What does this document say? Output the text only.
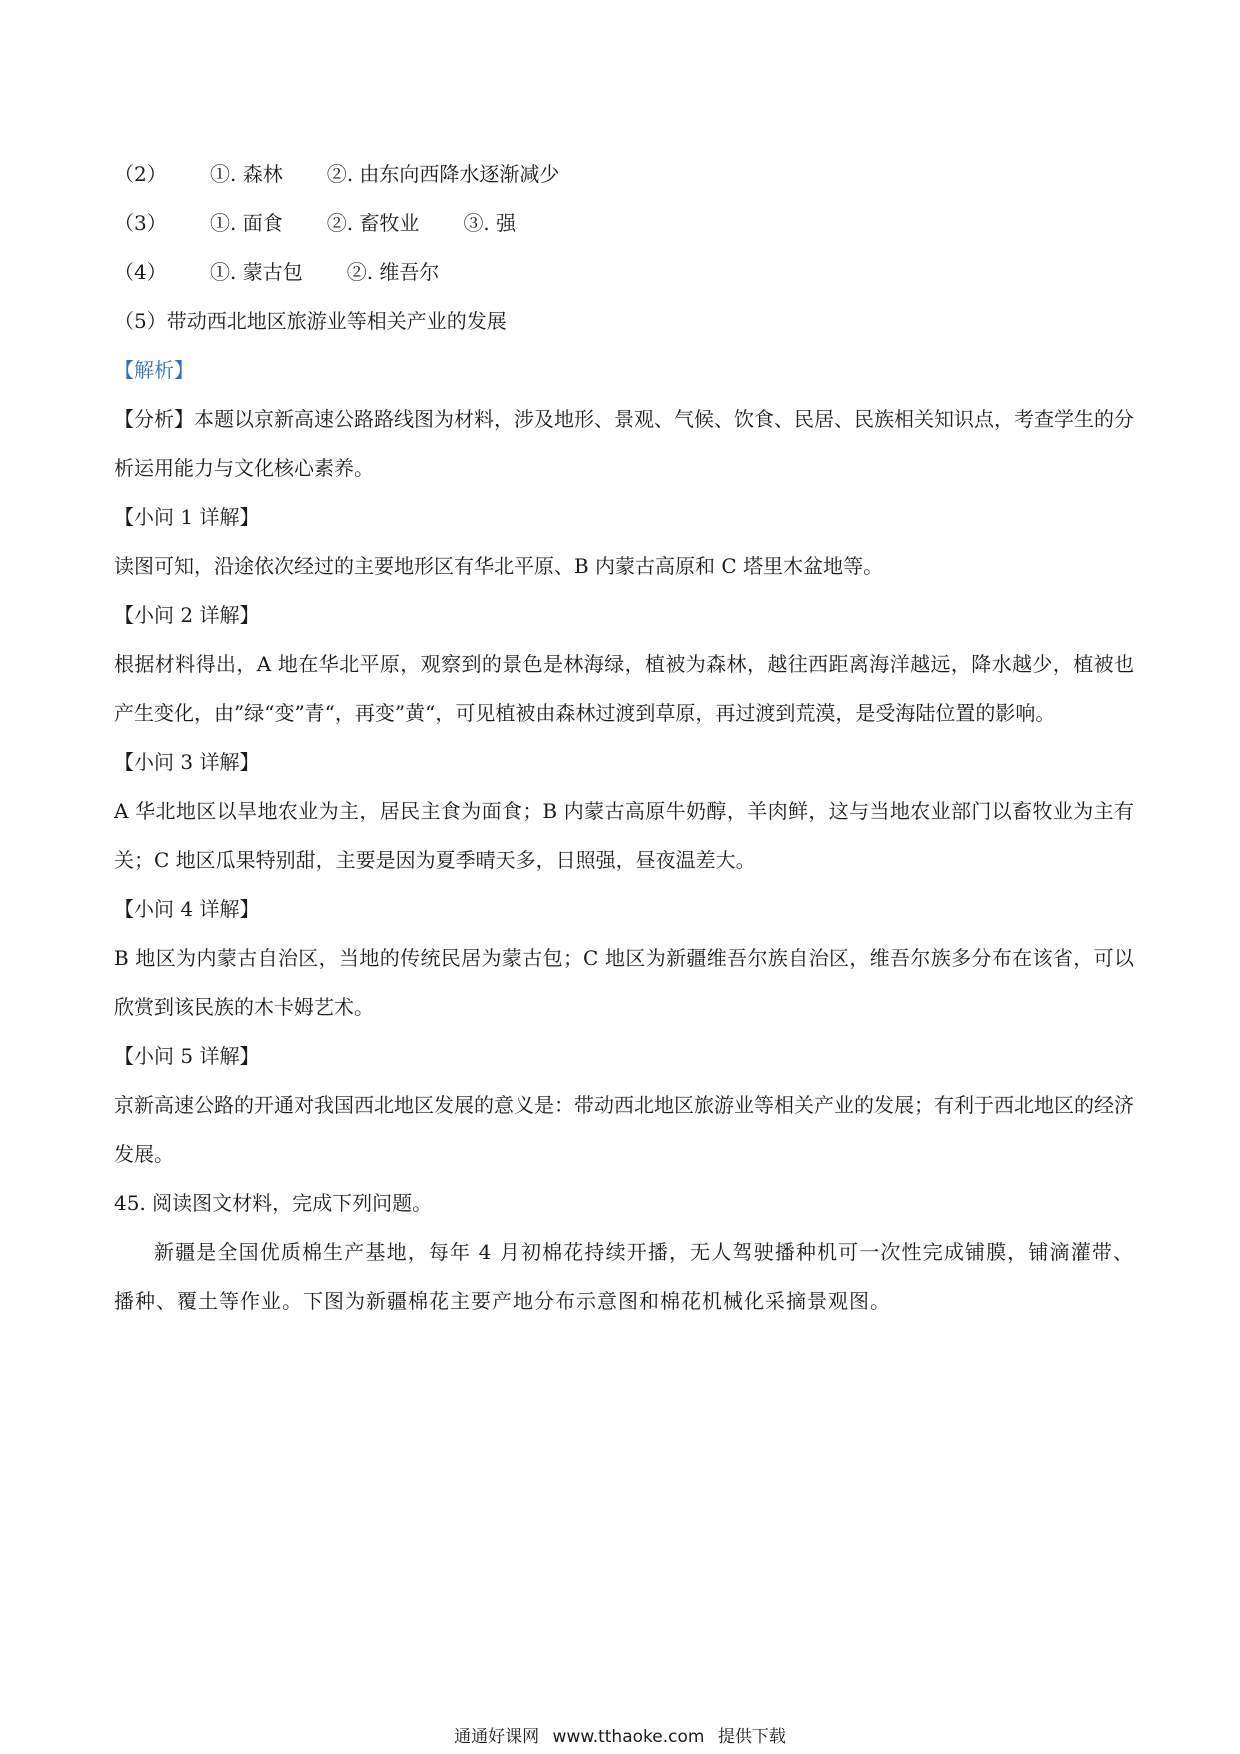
（2）	①. 森林 ②. 由东向西降水逐渐减少
（3）	①. 面食 ②. 畜牧业 ③. 强
（4）	①. 蒙古包 ②. 维吾尔
（5）带动西北地区旅游业等相关产业的发展
【解析】
【分析】本题以京新高速公路路线图为材料，涉及地形、景观、气候、饮食、民居、民族相关知识点，考查学生的分析运用能力与文化核心素养。
【小问 1 详解】
读图可知，沿途依次经过的主要地形区有华北平原、B 内蒙古高原和 C 塔里木盆地等。
【小问 2 详解】
根据材料得出，A 地在华北平原，观察到的景色是林海绿，植被为森林，越往西距离海洋越远，降水越少，植被也产生变化，由”绿“变”青“，再变”黄“，可见植被由森林过渡到草原，再过渡到荒漠，是受海陆位置的影响。
【小问 3 详解】
A 华北地区以旱地农业为主，居民主食为面食；B 内蒙古高原牛奶醇，羊肉鲜，这与当地农业部门以畜牧业为主有关；C 地区瓜果特别甜，主要是因为夏季晴天多，日照强，昼夜温差大。
【小问 4 详解】
B 地区为内蒙古自治区，当地的传统民居为蒙古包；C 地区为新疆维吾尔族自治区，维吾尔族多分布在该省，可以欣赏到该民族的木卡姆艺术。
【小问 5 详解】
京新高速公路的开通对我国西北地区发展的意义是：带动西北地区旅游业等相关产业的发展；有利于西北地区的经济发展。
45. 阅读图文材料，完成下列问题。
新疆是全国优质棉生产基地，每年 4 月初棉花持续开播，无人驾驶播种机可一次性完成铺膜，铺滴灌带、播种、覆土等作业。下图为新疆棉花主要产地分布示意图和棉花机械化采摘景观图。
通通好课网 www.tthaoke.com 提供下载
